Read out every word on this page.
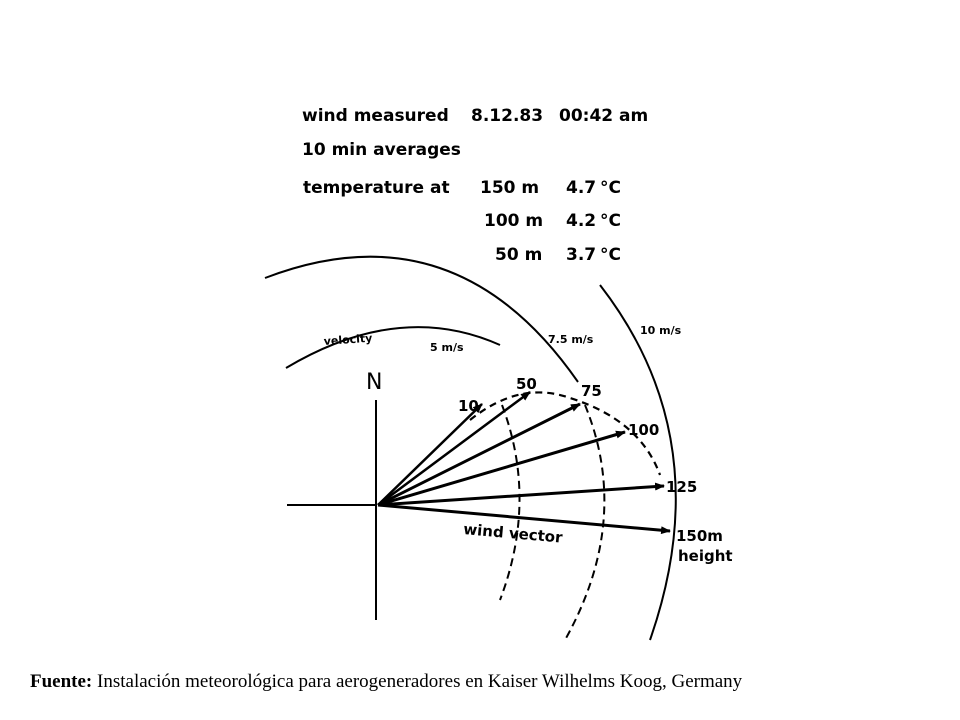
wind measured 8.12.83 00:42 am
10 min averages
temperature at 150 m 4.7 °C
100 m 4.2 °C
50 m 3.7 °C
N
velocity	5 m/s
7.5 m/s
10 m/s
10
50	75
100
125
150m
height
wind vector
Fuente: Instalación meteorológica para aerogeneradores en Kaiser Wilhelms Koog, Germany
